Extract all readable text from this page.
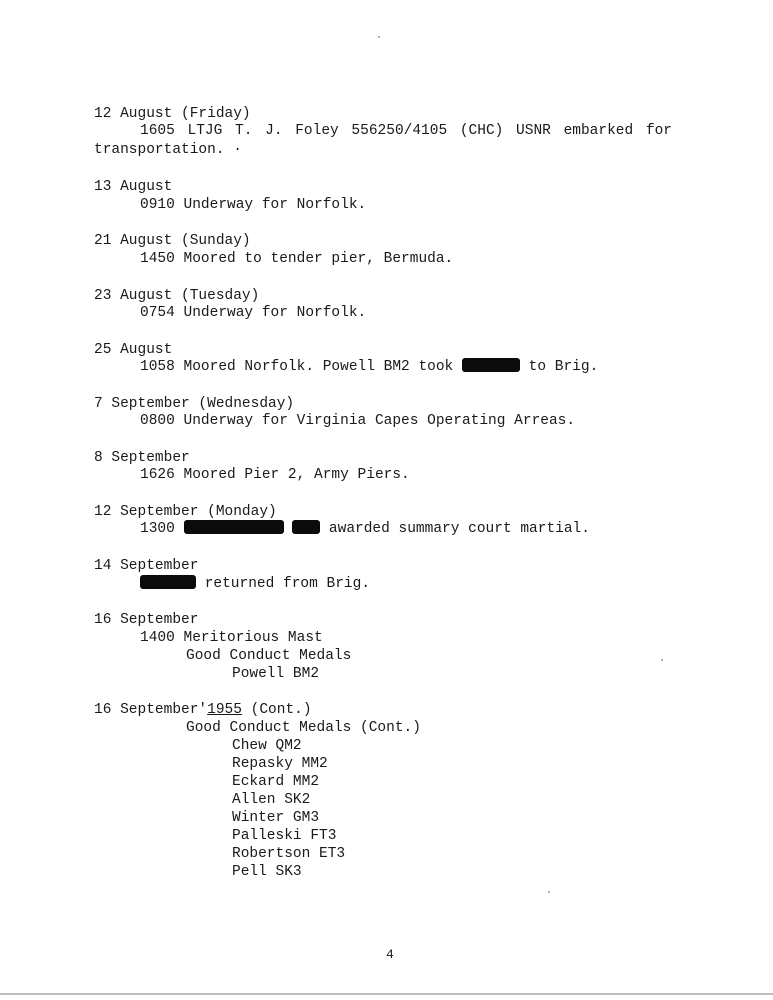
12 August (Friday)
1605 LTJG T. J. Foley 556250/4105 (CHC) USNR embarked for
transportation. ·
13 August
0910 Underway for Norfolk.
21 August (Sunday)
1450 Moored to tender pier, Bermuda.
23 August (Tuesday)
0754 Underway for Norfolk.
25 August
1058 Moored Norfolk. Powell BM2 took	to Brig.
7 September (Wednesday)
0800 Underway for Virginia Capes Operating Arreas.
8 September
1626 Moored Pier 2, Army Piers.
12 September (Monday)
1300	awarded summary court martial.
14 September
returned from Brig.
16 September
1400 Meritorious Mast
Good Conduct Medals
Powell BM2
16 September'1955 (Cont.)
Good Conduct Medals (Cont.)
Chew QM2
Repasky MM2
Eckard MM2
Allen SK2
Winter GM3
Palleski FT3
Robertson ET3
Pell SK3
4
